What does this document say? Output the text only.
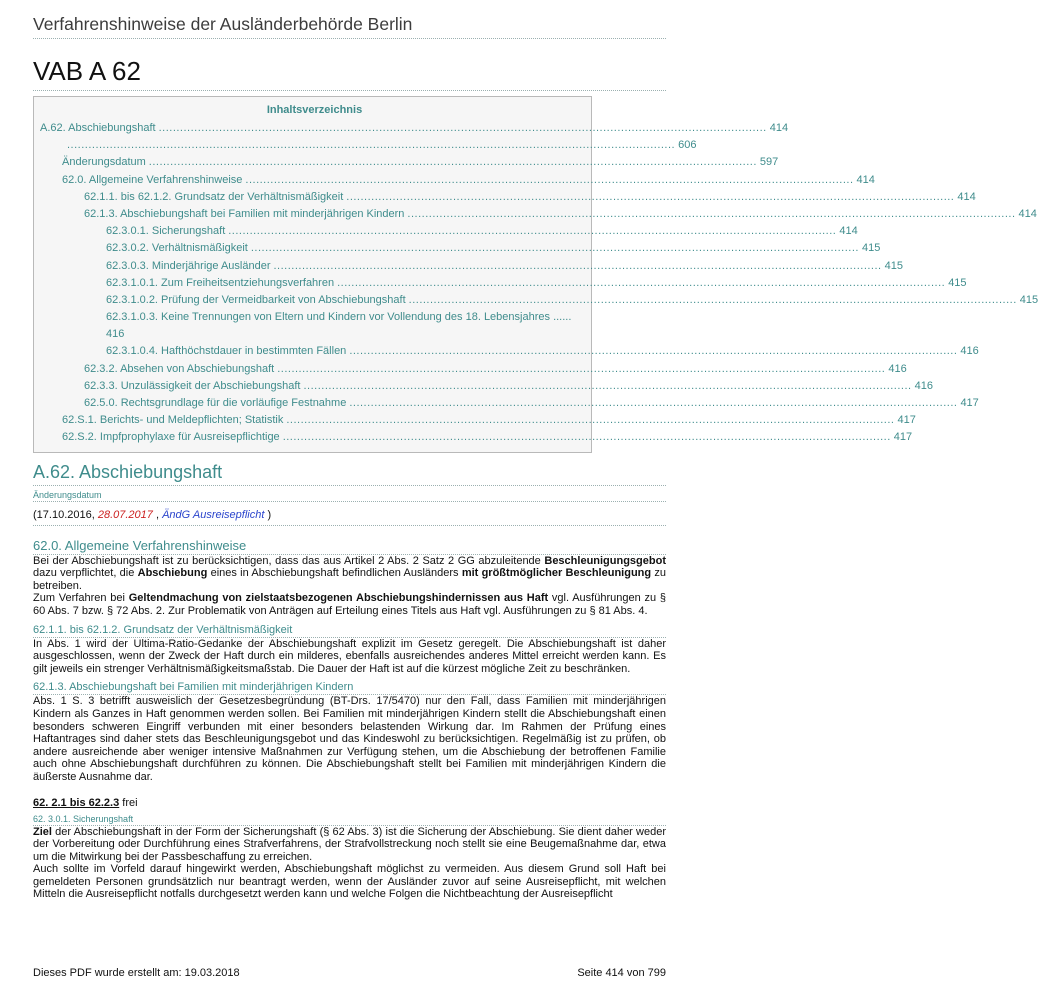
Verfahrenshinweise der Ausländerbehörde Berlin
VAB A 62
Inhaltsverzeichnis
A.62. Abschiebungshaft ........................................................................................................................................................................... 414
........................................................................................................................................................................... 606
Änderungsdatum ........................................................................................................................................................................... 597
62.0. Allgemeine Verfahrenshinweise ........................................................................................................................................................................... 414
62.1.1. bis 62.1.2. Grundsatz der Verhältnismäßigkeit ........................................................................................................................................................................... 414
62.1.3. Abschiebungshaft bei Familien mit minderjährigen Kindern ........................................................................................................................................................................... 414
62.3.0.1. Sicherungshaft ........................................................................................................................................................................... 414
62.3.0.2. Verhältnismäßigkeit ........................................................................................................................................................................... 415
62.3.0.3. Minderjährige Ausländer ........................................................................................................................................................................... 415
62.3.1.0.1. Zum Freiheitsentziehungsverfahren ........................................................................................................................................................................... 415
62.3.1.0.2. Prüfung der Vermeidbarkeit von Abschiebungshaft ........................................................................................................................................................................... 415
62.3.1.0.3. Keine Trennungen von Eltern und Kindern vor Vollendung des 18. Lebensjahres ......
416
62.3.1.0.4. Hafthöchstdauer in bestimmten Fällen ........................................................................................................................................................................... 416
62.3.2. Absehen von Abschiebungshaft ........................................................................................................................................................................... 416
62.3.3. Unzulässigkeit der Abschiebungshaft ........................................................................................................................................................................... 416
62.5.0. Rechtsgrundlage für die vorläufige Festnahme ........................................................................................................................................................................... 417
62.S.1. Berichts- und Meldepflichten; Statistik ........................................................................................................................................................................... 417
62.S.2. Impfprophylaxe für Ausreisepflichtige ........................................................................................................................................................................... 417
A.62. Abschiebungshaft
Änderungsdatum
(17.10.2016, 28.07.2017 , ÄndG Ausreisepflicht )
62.0. Allgemeine Verfahrenshinweise

Bei der Abschiebungshaft ist zu berücksichtigen, dass das aus Artikel 2 Abs. 2 Satz 2 GG abzuleitende Beschleunigungsgebot dazu verpflichtet, die Abschiebung eines in Abschiebungshaft befindlichen Ausländers mit größtmöglicher Beschleunigung zu betreiben.

Zum Verfahren bei Geltendmachung von zielstaatsbezogenen Abschiebungshindernissen aus Haft vgl. Ausführungen zu § 60 Abs. 7 bzw. § 72 Abs. 2. Zur Problematik von Anträgen auf Erteilung eines Titels aus Haft vgl. Ausführungen zu § 81 Abs. 4.

62.1.1. bis 62.1.2. Grundsatz der Verhältnismäßigkeit

In Abs. 1 wird der Ultima-Ratio-Gedanke der Abschiebungshaft explizit im Gesetz geregelt. Die Abschiebungshaft ist daher ausgeschlossen, wenn der Zweck der Haft durch ein milderes, ebenfalls ausreichendes anderes Mittel erreicht werden kann. Es gilt jeweils ein strenger Verhältnismäßigkeitsmaßstab. Die Dauer der Haft ist auf die kürzest mögliche Zeit zu beschränken.

62.1.3. Abschiebungshaft bei Familien mit minderjährigen Kindern

Abs. 1 S. 3 betrifft ausweislich der Gesetzesbegründung (BT-Drs. 17/5470) nur den Fall, dass Familien mit minderjährigen Kindern als Ganzes in Haft genommen werden sollen. Bei Familien mit minderjährigen Kindern stellt die Abschiebungshaft einen besonders schweren Eingriff verbunden mit einer besonders belastenden Wirkung dar. Im Rahmen der Prüfung eines Haftantrages sind daher stets das Beschleunigungsgebot und das Kindeswohl zu berücksichtigen. Regelmäßig ist zu prüfen, ob andere ausreichende aber weniger intensive Maßnahmen zur Verfügung stehen, um die Abschiebung der betroffenen Familie auch ohne Abschiebungshaft durchführen zu können. Die Abschiebungshaft stellt bei Familien mit minderjährigen Kindern die äußerste Ausnahme dar.

62. 2.1 bis 62.2.3 frei
62. 3.0.1. Sicherungshaft

Ziel der Abschiebungshaft in der Form der Sicherungshaft (§ 62 Abs. 3) ist die Sicherung der Abschiebung. Sie dient daher weder der Vorbereitung oder Durchführung eines Strafverfahrens, der Strafvollstreckung noch stellt sie eine Beugemaßnahme dar, etwa um die Mitwirkung bei der Passbeschaffung zu erreichen.

Auch sollte im Vorfeld darauf hingewirkt werden, Abschiebungshaft möglichst zu vermeiden. Aus diesem Grund soll Haft bei gemeldeten Personen grundsätzlich nur beantragt werden, wenn der Ausländer zuvor auf seine Ausreisepflicht, mit welchen Mitteln die Ausreisepflicht notfalls durchgesetzt werden kann und welche Folgen die Nichtbeachtung der Ausreisepflicht

Dieses PDF wurde erstellt am: 19.03.2018	Seite 414 von 799
